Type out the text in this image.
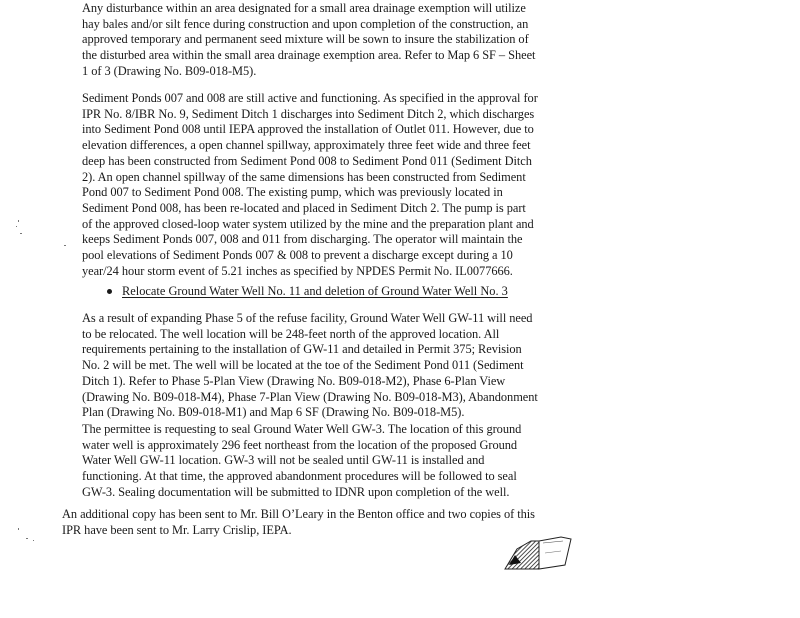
Any disturbance within an area designated for a small area drainage exemption will utilize
hay bales and/or silt fence during construction and upon completion of the construction, an
approved temporary and permanent seed mixture will be sown to insure the stabilization of
the disturbed area within the small area drainage exemption area. Refer to Map 6 SF – Sheet
1 of 3 (Drawing No. B09-018-M5).

Sediment Ponds 007 and 008 are still active and functioning. As specified in the approval for
IPR No. 8/IBR No. 9, Sediment Ditch 1 discharges into Sediment Ditch 2, which discharges
into Sediment Pond 008 until IEPA approved the installation of Outlet 011. However, due to
elevation differences, a open channel spillway, approximately three feet wide and three feet
deep has been constructed from Sediment Pond 008 to Sediment Pond 011 (Sediment Ditch
2). An open channel spillway of the same dimensions has been constructed from Sediment
Pond 007 to Sediment Pond 008. The existing pump, which was previously located in
Sediment Pond 008, has been re-located and placed in Sediment Ditch 2. The pump is part
of the approved closed-loop water system utilized by the mine and the preparation plant and
keeps Sediment Ponds 007, 008 and 011 from discharging. The operator will maintain the
pool elevations of Sediment Ponds 007 & 008 to prevent a discharge except during a 10
year/24 hour storm event of 5.21 inches as specified by NPDES Permit No. IL0077666.

Relocate Ground Water Well No. 11 and deletion of Ground Water Well No. 3

As a result of expanding Phase 5 of the refuse facility, Ground Water Well GW-11 will need
to be relocated. The well location will be 248-feet north of the approved location. All
requirements pertaining to the installation of GW-11 and detailed in Permit 375; Revision
No. 2 will be met. The well will be located at the toe of the Sediment Pond 011 (Sediment
Ditch 1). Refer to Phase 5-Plan View (Drawing No. B09-018-M2), Phase 6-Plan View
(Drawing No. B09-018-M4), Phase 7-Plan View (Drawing No. B09-018-M3), Abandonment
Plan (Drawing No. B09-018-M1) and Map 6 SF (Drawing No. B09-018-M5).

The permittee is requesting to seal Ground Water Well GW-3. The location of this ground
water well is approximately 296 feet northeast from the location of the proposed Ground
Water Well GW-11 location. GW-3 will not be sealed until GW-11 is installed and
functioning. At that time, the approved abandonment procedures will be followed to seal
GW-3. Sealing documentation will be submitted to IDNR upon completion of the well.

An additional copy has been sent to Mr. Bill O’Leary in the Benton office and two copies of this
IPR have been sent to Mr. Larry Crislip, IEPA.
